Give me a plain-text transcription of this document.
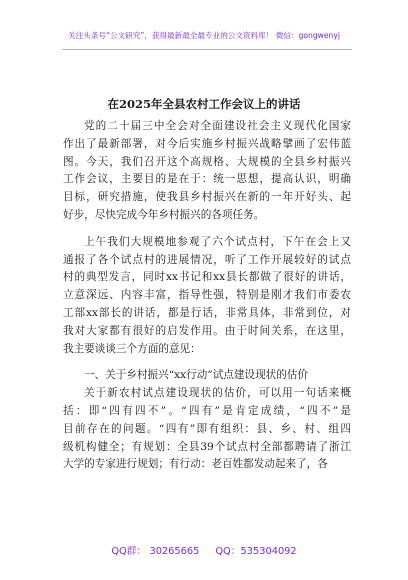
关注头条号“公文研究”，获得最新最全最专业的公文资料库！ 微信：gongwenyj
在2025年全县农村工作会议上的讲话
党的二十届三中全会对全面建设社会主义现代化国家
作出了最新部署，对今后实施乡村振兴战略擘画了宏伟蓝
图。今天，我们召开这个高规格、大规模的全县乡村振兴
工作会议，主要目的是在于：统一思想，提高认识，明确
目标，研究措施，使我县乡村振兴在新的一年开好头、起
好步，尽快完成今年乡村振兴的各项任务。
上午我们大规模地参观了六个试点村，下午在会上又
通报了各个试点村的进展情况，听了工作开展较好的试点
村的典型发言，同时xx书记和xx县长都做了很好的讲话，
立意深远、内容丰富，指导性强，特别是刚才我们市委农
工部xx部长的讲话，都是行话，非常具体，非常到位，对
我对大家都有很好的启发作用。由于时间关系，在这里，
我主要谈谈三个方面的意见：
一、关于乡村振兴“xx行动”试点建设现状的估价
关于新农村试点建设现状的估价，可以用一句话来概
括：即“四有四不”。“四有”是肯定成绩，“四不”是
目前存在的问题。“四有”即有组织：县、乡、村、组四
级机构健全；有规划：全县39个试点村全部都聘请了浙江
大学的专家进行规划；有行动：老百姓都发动起来了，各
QQ群： 30265665 QQ：535304092
